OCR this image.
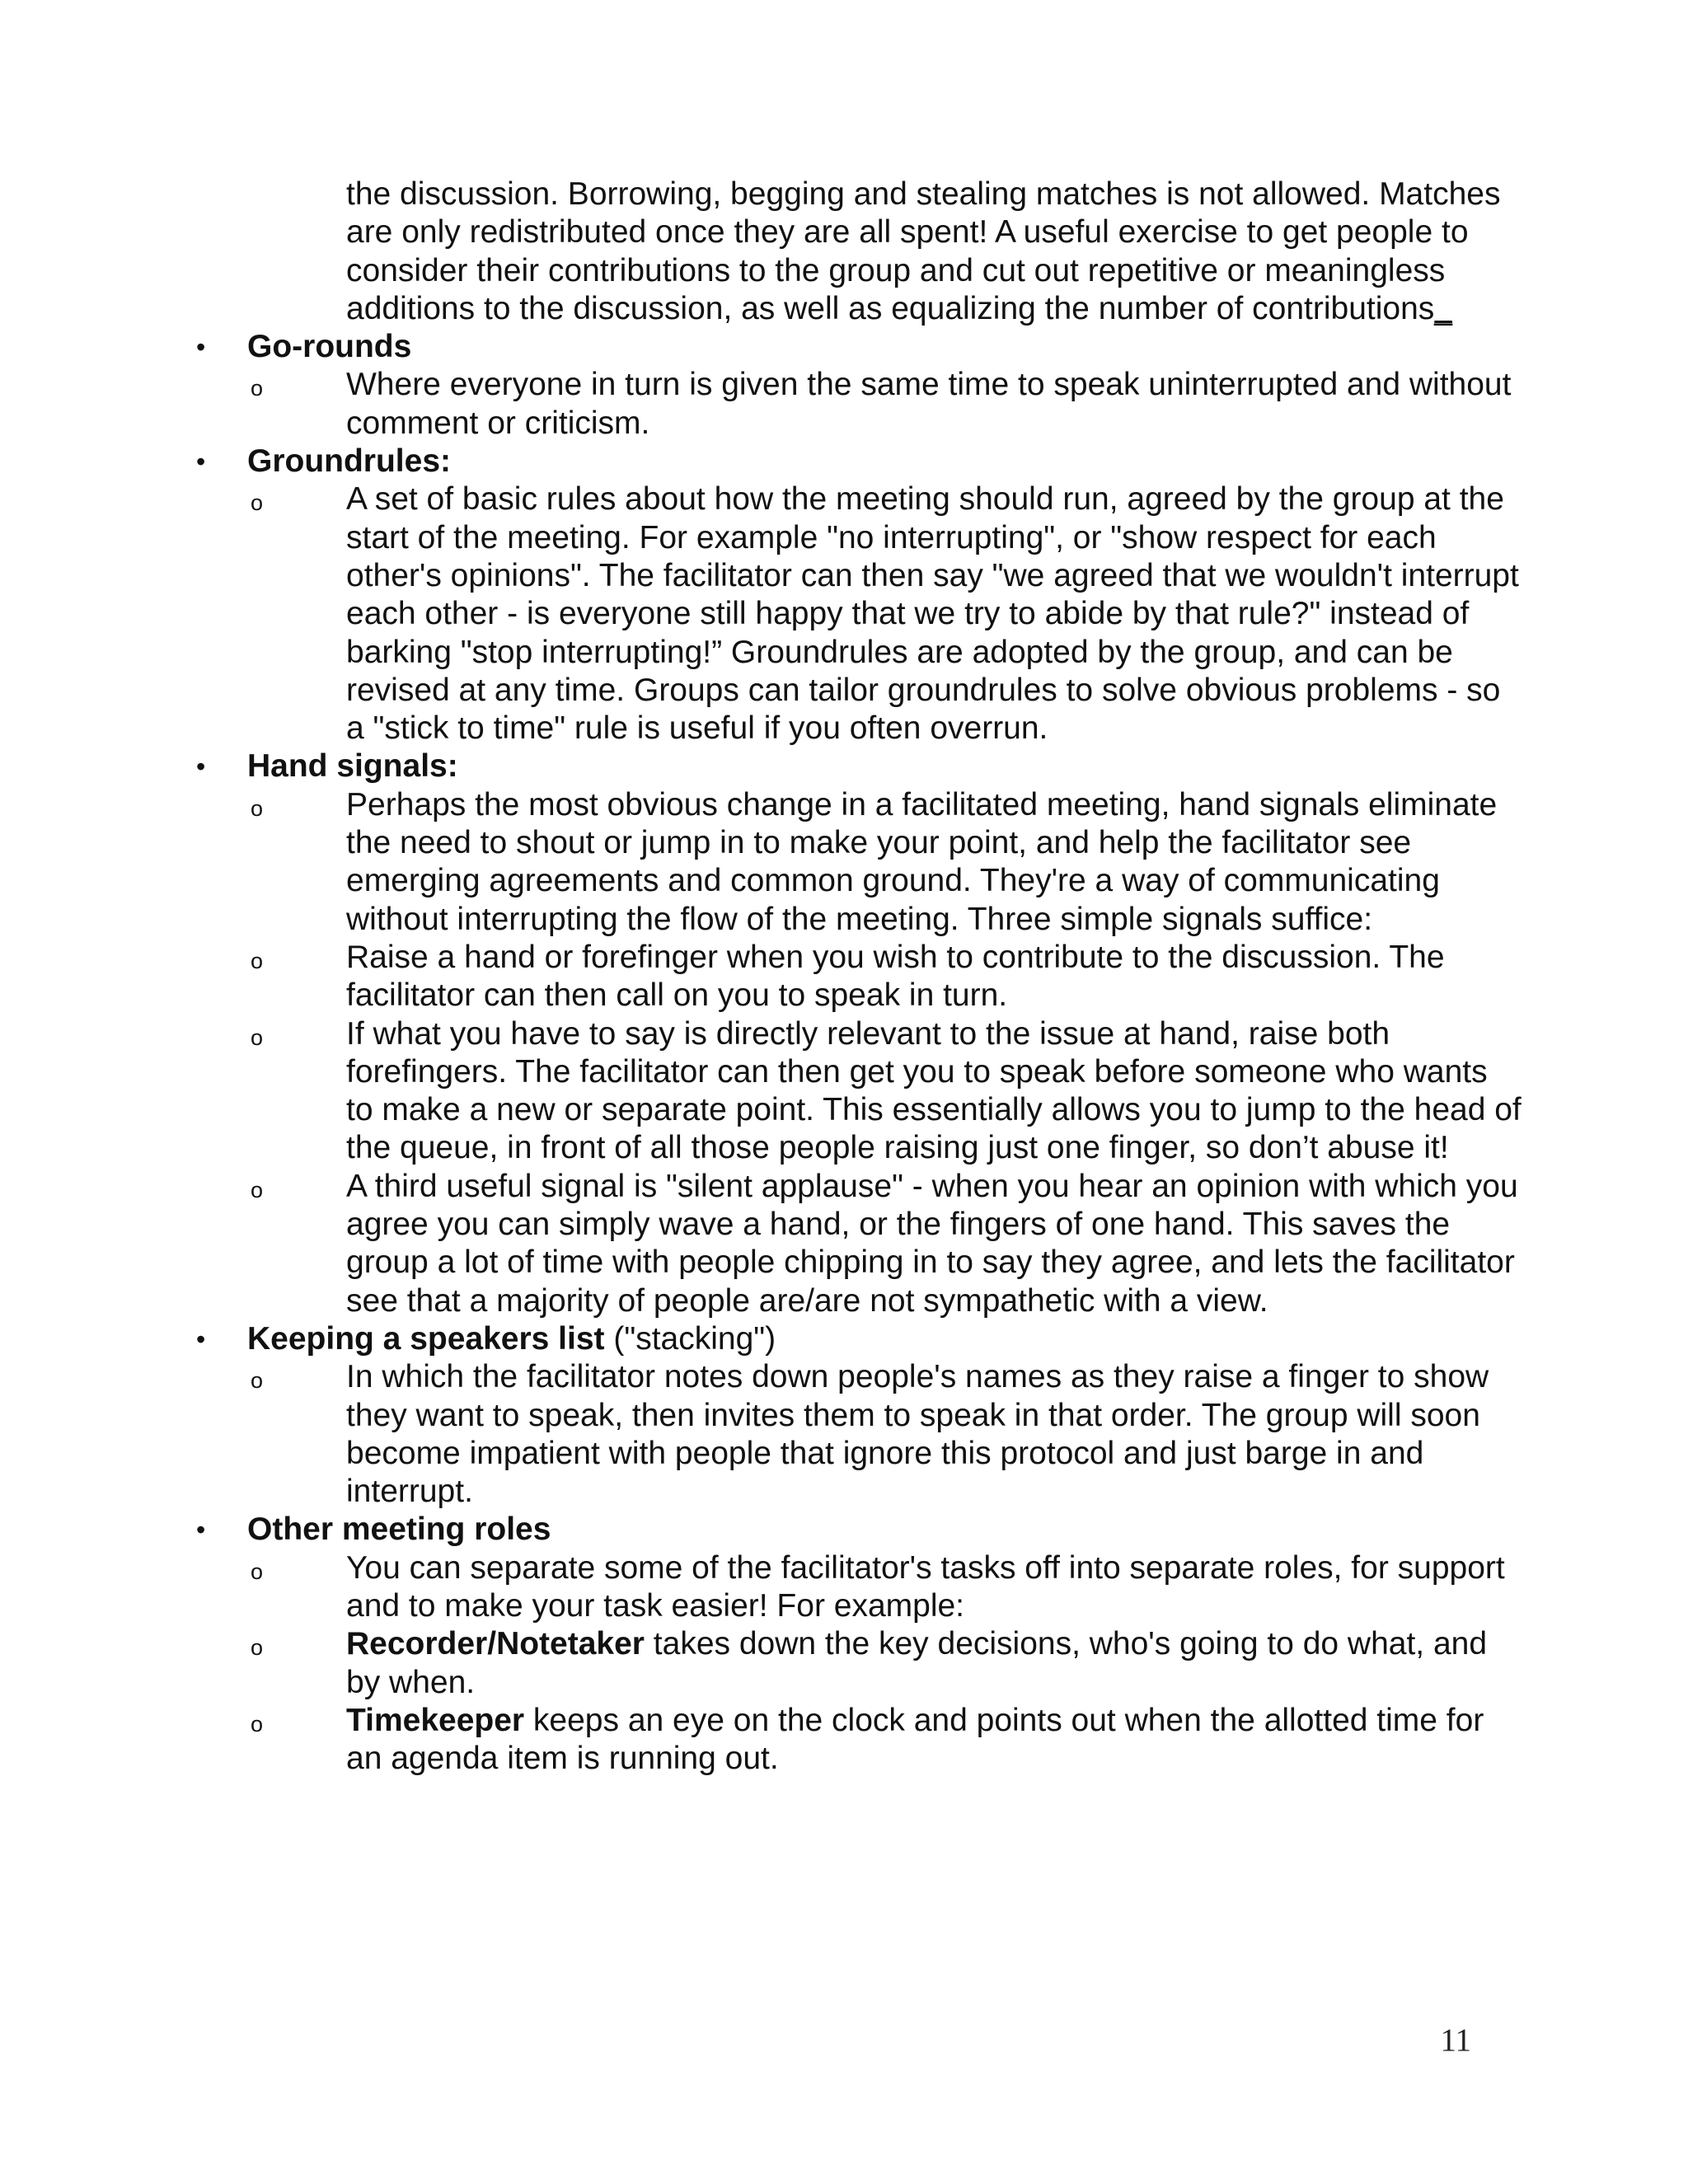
the discussion. Borrowing, begging and stealing matches is not allowed. Matches are only redistributed once they are all spent! A useful exercise to get people to consider their contributions to the group and cut out repetitive or meaningless additions to the discussion, as well as equalizing the number of contributions_

• Go-rounds
o	Where everyone in turn is given the same time to speak uninterrupted and without comment or criticism.
• Groundrules:
o	A set of basic rules about how the meeting should run, agreed by the group at the start of the meeting. For example "no interrupting", or "show respect for each other's opinions". The facilitator can then say "we agreed that we wouldn't interrupt each other - is everyone still happy that we try to abide by that rule?" instead of barking "stop interrupting!” Groundrules are adopted by the group, and can be revised at any time. Groups can tailor groundrules to solve obvious problems - so a "stick to time" rule is useful if you often overrun.
• Hand signals:
o	Perhaps the most obvious change in a facilitated meeting, hand signals eliminate the need to shout or jump in to make your point, and help the facilitator see emerging agreements and common ground. They're a way of communicating without interrupting the flow of the meeting. Three simple signals suffice:
o	Raise a hand or forefinger when you wish to contribute to the discussion. The facilitator can then call on you to speak in turn.
o	If what you have to say is directly relevant to the issue at hand, raise both forefingers. The facilitator can then get you to speak before someone who wants to make a new or separate point. This essentially allows you to jump to the head of the queue, in front of all those people raising just one finger, so don’t abuse it!
o	A third useful signal is "silent applause" - when you hear an opinion with which you agree you can simply wave a hand, or the fingers of one hand. This saves the group a lot of time with people chipping in to say they agree, and lets the facilitator see that a majority of people are/are not sympathetic with a view.
• Keeping a speakers list ("stacking")
o	In which the facilitator notes down people's names as they raise a finger to show they want to speak, then invites them to speak in that order. The group will soon become impatient with people that ignore this protocol and just barge in and interrupt.
• Other meeting roles
o	You can separate some of the facilitator's tasks off into separate roles, for support and to make your task easier! For example:
o	Recorder/Notetaker takes down the key decisions, who's going to do what, and by when.
o	Timekeeper keeps an eye on the clock and points out when the allotted time for an agenda item is running out.
11
